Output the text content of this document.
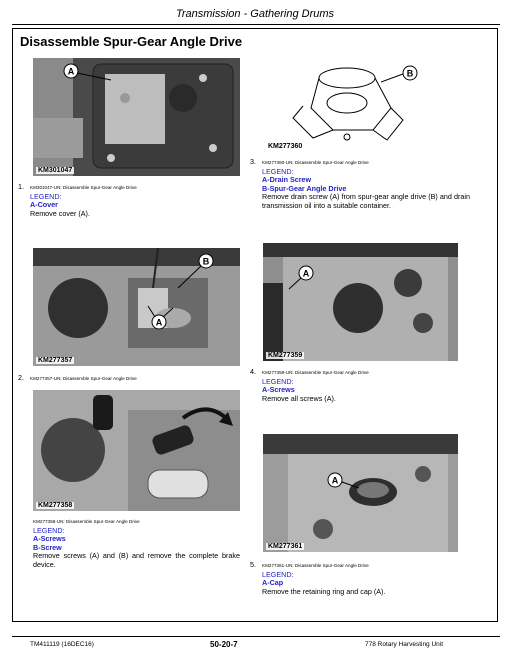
Transmission - Gathering Drums
Disassemble Spur-Gear Angle Drive
A
KM301047
1. KM301047-UN: Disassemble Spur-Gear Angle Drive
LEGEND:
A-Cover

Remove cover (A).
B
A
KM277357
2. KM277357-UN: Disassemble Spur-Gear Angle Drive
KM277358
KM277358-UN: Disassemble Spur-Gear Angle Drive
LEGEND:
A-Screws
B-Screw

Remove screws (A) and (B) and remove the complete brake device.
B
KM277360
3. KM277360-UN: Disassemble Spur-Gear Angle Drive
LEGEND:
A-Drain Screw
B-Spur-Gear Angle Drive

Remove drain screw (A) from spur-gear angle drive (B) and drain transmission oil into a suitable container.
A
KM277359
4. KM277359-UN: Disassemble Spur-Gear Angle Drive
LEGEND:
A-Screws

Remove all screws (A).
A
KM277361
5. KM277361-UN: Disassemble Spur-Gear Angle Drive
LEGEND:
A-Cap

Remove the retaining ring and cap (A).
TM411119 (16DEC16)	50-20-7	778 Rotary Harvesting Unit
